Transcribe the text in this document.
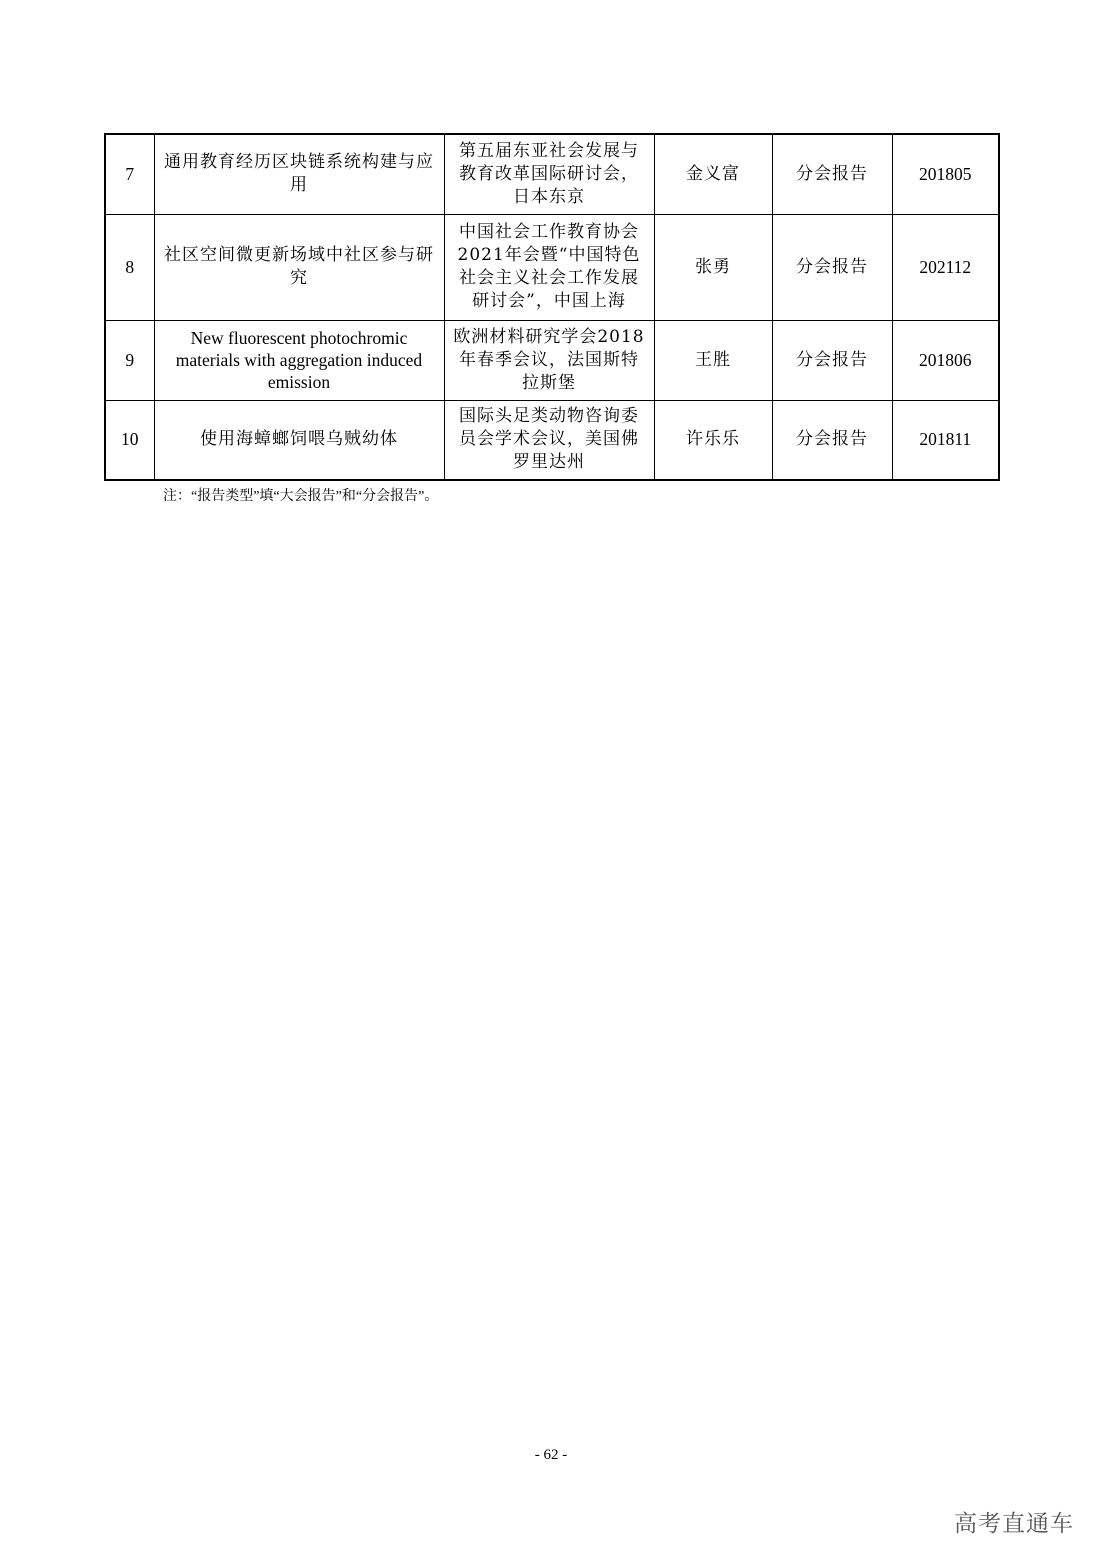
7	通用教育经历区块链系统构建与应用	第五届东亚社会发展与教育改革国际研讨会，日本东京	金义富	分会报告	201805
8	社区空间微更新场域中社区参与研究	中国社会工作教育协会2021年会暨“中国特色社会主义社会工作发展研讨会”，中国上海	张勇	分会报告	202112
9	New fluorescent photochromic materials with aggregation induced emission	欧洲材料研究学会2018年春季会议，法国斯特拉斯堡	王胜	分会报告	201806
10	使用海蟑螂饲喂乌贼幼体	国际头足类动物咨询委员会学术会议，美国佛罗里达州	许乐乐	分会报告	201811
注：“报告类型”填“大会报告”和“分会报告”。
- 62 -
高考直通车
